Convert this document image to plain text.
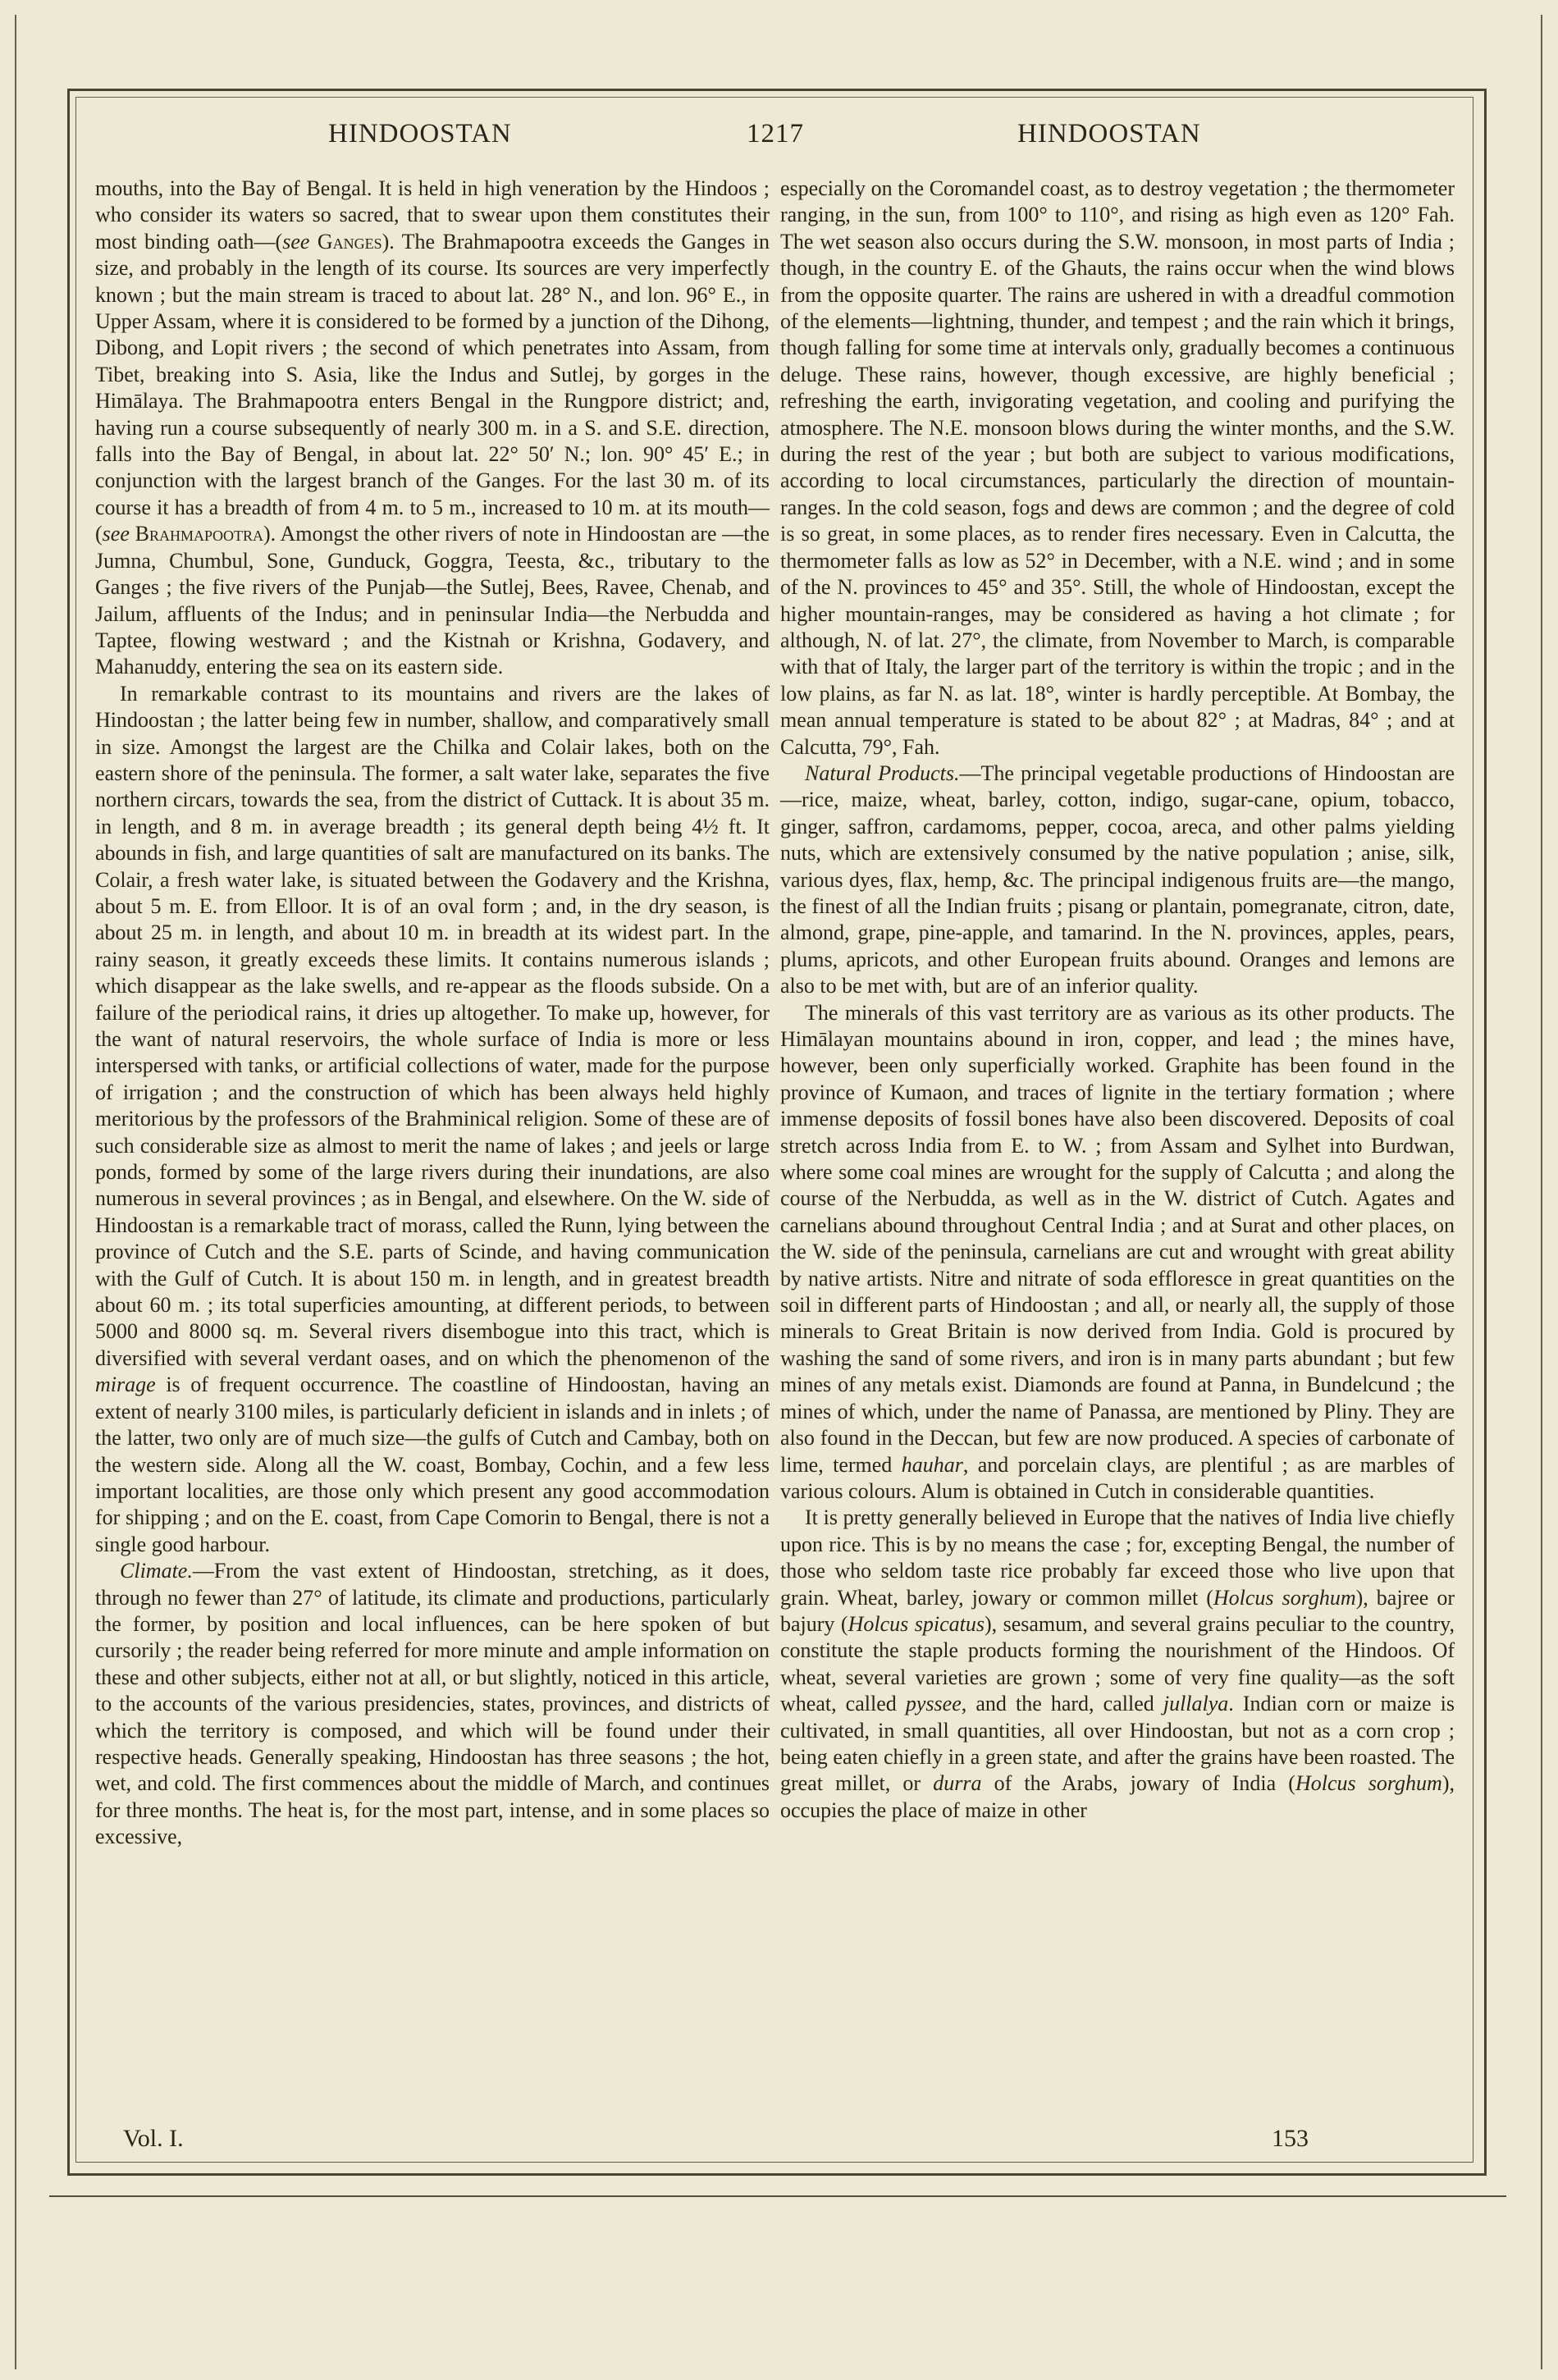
HINDOOSTAN	1217	HINDOOSTAN

mouths, into the Bay of Bengal. It is held in high veneration by the Hindoos ; who consider its waters so sacred, that to swear upon them constitutes their most binding oath—(see Ganges). The Brahmapootra exceeds the Ganges in size, and probably in the length of its course. Its sources are very imperfectly known ; but the main stream is traced to about lat. 28° N., and lon. 96° E., in Upper Assam, where it is considered to be formed by a junction of the Dihong, Dibong, and Lopit rivers ; the second of which penetrates into Assam, from Tibet, breaking into S. Asia, like the Indus and Sutlej, by gorges in the Himālaya. The Brahmapootra enters Bengal in the Rungpore district; and, having run a course subsequently of nearly 300 m. in a S. and S.E. direction, falls into the Bay of Bengal, in about lat. 22° 50′ N.; lon. 90° 45′ E.; in conjunction with the largest branch of the Ganges. For the last 30 m. of its course it has a breadth of from 4 m. to 5 m., increased to 10 m. at its mouth—(see Brahmapootra). Amongst the other rivers of note in Hindoostan are —the Jumna, Chumbul, Sone, Gunduck, Goggra, Teesta, &c., tributary to the Ganges ; the five rivers of the Punjab—the Sutlej, Bees, Ravee, Chenab, and Jailum, affluents of the Indus; and in peninsular India—the Nerbudda and Taptee, flowing westward ; and the Kistnah or Krishna, Godavery, and Mahanuddy, entering the sea on its eastern side.

In remarkable contrast to its mountains and rivers are the lakes of Hindoostan ; the latter being few in number, shallow, and comparatively small in size. Amongst the largest are the Chilka and Colair lakes, both on the eastern shore of the peninsula. The former, a salt water lake, separates the five northern circars, towards the sea, from the district of Cuttack. It is about 35 m. in length, and 8 m. in average breadth ; its general depth being 4½ ft. It abounds in fish, and large quantities of salt are manufactured on its banks. The Colair, a fresh water lake, is situated between the Godavery and the Krishna, about 5 m. E. from Elloor. It is of an oval form ; and, in the dry season, is about 25 m. in length, and about 10 m. in breadth at its widest part. In the rainy season, it greatly exceeds these limits. It contains numerous islands ; which disappear as the lake swells, and re-appear as the floods subside. On a failure of the periodical rains, it dries up altogether. To make up, however, for the want of natural reservoirs, the whole surface of India is more or less interspersed with tanks, or artificial collections of water, made for the purpose of irrigation ; and the construction of which has been always held highly meritorious by the professors of the Brahminical religion. Some of these are of such considerable size as almost to merit the name of lakes ; and jeels or large ponds, formed by some of the large rivers during their inundations, are also numerous in several provinces ; as in Bengal, and elsewhere. On the W. side of Hindoostan is a remarkable tract of morass, called the Runn, lying between the province of Cutch and the S.E. parts of Scinde, and having communication with the Gulf of Cutch. It is about 150 m. in length, and in greatest breadth about 60 m. ; its total superficies amounting, at different periods, to between 5000 and 8000 sq. m. Several rivers disembogue into this tract, which is diversified with several verdant oases, and on which the phenomenon of the mirage is of frequent occurrence. The coastline of Hindoostan, having an extent of nearly 3100 miles, is particularly deficient in islands and in inlets ; of the latter, two only are of much size—the gulfs of Cutch and Cambay, both on the western side. Along all the W. coast, Bombay, Cochin, and a few less important localities, are those only which present any good accommodation for shipping ; and on the E. coast, from Cape Comorin to Bengal, there is not a single good harbour.

Climate.—From the vast extent of Hindoostan, stretching, as it does, through no fewer than 27° of latitude, its climate and productions, particularly the former, by position and local influences, can be here spoken of but cursorily ; the reader being referred for more minute and ample information on these and other subjects, either not at all, or but slightly, noticed in this article, to the accounts of the various presidencies, states, provinces, and districts of which the territory is composed, and which will be found under their respective heads. Generally speaking, Hindoostan has three seasons ; the hot, wet, and cold. The first commences about the middle of March, and continues for three months. The heat is, for the most part, intense, and in some places so excessive,

especially on the Coromandel coast, as to destroy vegetation ; the thermometer ranging, in the sun, from 100° to 110°, and rising as high even as 120° Fah. The wet season also occurs during the S.W. monsoon, in most parts of India ; though, in the country E. of the Ghauts, the rains occur when the wind blows from the opposite quarter. The rains are ushered in with a dreadful commotion of the elements—lightning, thunder, and tempest ; and the rain which it brings, though falling for some time at intervals only, gradually becomes a continuous deluge. These rains, however, though excessive, are highly beneficial ; refreshing the earth, invigorating vegetation, and cooling and purifying the atmosphere. The N.E. monsoon blows during the winter months, and the S.W. during the rest of the year ; but both are subject to various modifications, according to local circumstances, particularly the direction of mountain-ranges. In the cold season, fogs and dews are common ; and the degree of cold is so great, in some places, as to render fires necessary. Even in Calcutta, the thermometer falls as low as 52° in December, with a N.E. wind ; and in some of the N. provinces to 45° and 35°. Still, the whole of Hindoostan, except the higher mountain-ranges, may be considered as having a hot climate ; for although, N. of lat. 27°, the climate, from November to March, is comparable with that of Italy, the larger part of the territory is within the tropic ; and in the low plains, as far N. as lat. 18°, winter is hardly perceptible. At Bombay, the mean annual temperature is stated to be about 82° ; at Madras, 84° ; and at Calcutta, 79°, Fah.

Natural Products.—The principal vegetable productions of Hindoostan are—rice, maize, wheat, barley, cotton, indigo, sugar-cane, opium, tobacco, ginger, saffron, cardamoms, pepper, cocoa, areca, and other palms yielding nuts, which are extensively consumed by the native population ; anise, silk, various dyes, flax, hemp, &c. The principal indigenous fruits are—the mango, the finest of all the Indian fruits ; pisang or plantain, pomegranate, citron, date, almond, grape, pine-apple, and tamarind. In the N. provinces, apples, pears, plums, apricots, and other European fruits abound. Oranges and lemons are also to be met with, but are of an inferior quality.

The minerals of this vast territory are as various as its other products. The Himālayan mountains abound in iron, copper, and lead ; the mines have, however, been only superficially worked. Graphite has been found in the province of Kumaon, and traces of lignite in the tertiary formation ; where immense deposits of fossil bones have also been discovered. Deposits of coal stretch across India from E. to W. ; from Assam and Sylhet into Burdwan, where some coal mines are wrought for the supply of Calcutta ; and along the course of the Nerbudda, as well as in the W. district of Cutch. Agates and carnelians abound throughout Central India ; and at Surat and other places, on the W. side of the peninsula, carnelians are cut and wrought with great ability by native artists. Nitre and nitrate of soda effloresce in great quantities on the soil in different parts of Hindoostan ; and all, or nearly all, the supply of those minerals to Great Britain is now derived from India. Gold is procured by washing the sand of some rivers, and iron is in many parts abundant ; but few mines of any metals exist. Diamonds are found at Panna, in Bundelcund ; the mines of which, under the name of Panassa, are mentioned by Pliny. They are also found in the Deccan, but few are now produced. A species of carbonate of lime, termed hauhar, and porcelain clays, are plentiful ; as are marbles of various colours. Alum is obtained in Cutch in considerable quantities.

It is pretty generally believed in Europe that the natives of India live chiefly upon rice. This is by no means the case ; for, excepting Bengal, the number of those who seldom taste rice probably far exceed those who live upon that grain. Wheat, barley, jowary or common millet (Holcus sorghum), bajree or bajury (Holcus spicatus), sesamum, and several grains peculiar to the country, constitute the staple products forming the nourishment of the Hindoos. Of wheat, several varieties are grown ; some of very fine quality—as the soft wheat, called pyssee, and the hard, called jullalya. Indian corn or maize is cultivated, in small quantities, all over Hindoostan, but not as a corn crop ; being eaten chiefly in a green state, and after the grains have been roasted. The great millet, or durra of the Arabs, jowary of India (Holcus sorghum), occupies the place of maize in other

Vol. I.	153
